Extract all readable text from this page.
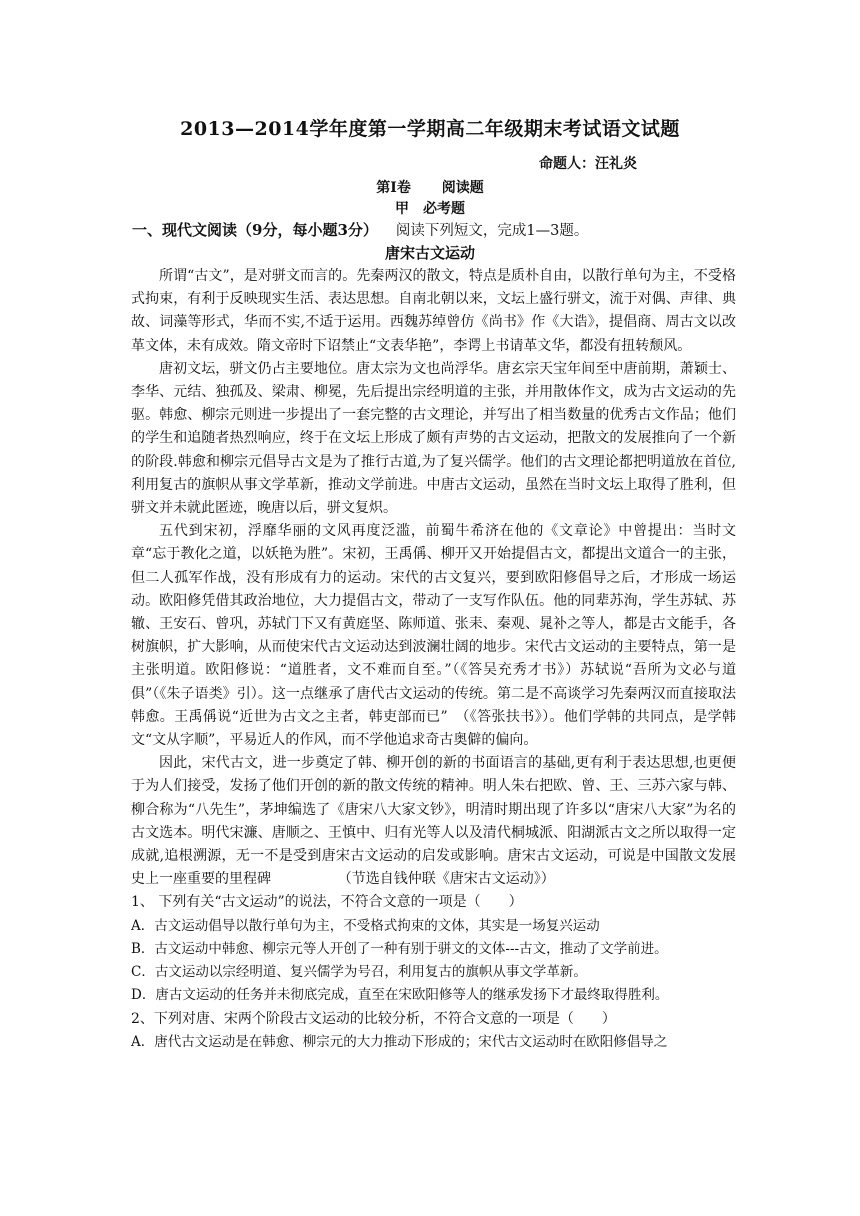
2013—2014学年度第一学期高二年级期末考试语文试题
命题人：汪礼炎
第Ⅰ卷　 阅读题
甲　必考题
一、现代文阅读（9分，每小题3分） 阅读下列短文，完成1—3题。
唐宋古文运动

所谓“古文”，是对骈文而言的。先秦两汉的散文，特点是质朴自由，以散行单句为主，不受格式拘束，有利于反映现实生活、表达思想。自南北朝以来，文坛上盛行骈文，流于对偶、声律、典故、词藻等形式，华而不实,不适于运用。西魏苏绰曾仿《尚书》作《大诰》，提倡商、周古文以改革文体，未有成效。隋文帝时下诏禁止“文表华艳”，李谔上书请革文华，都没有扭转颓风。

唐初文坛，骈文仍占主要地位。唐太宗为文也尚浮华。唐玄宗天宝年间至中唐前期，萧颖士、李华、元结、独孤及、梁肃、柳冕，先后提出宗经明道的主张，并用散体作文，成为古文运动的先驱。韩愈、柳宗元则进一步提出了一套完整的古文理论，并写出了相当数量的优秀古文作品；他们的学生和追随者热烈响应，终于在文坛上形成了颇有声势的古文运动，把散文的发展推向了一个新的阶段.韩愈和柳宗元倡导古文是为了推行古道,为了复兴儒学。他们的古文理论都把明道放在首位,利用复古的旗帜从事文学革新，推动文学前进。中唐古文运动，虽然在当时文坛上取得了胜利，但骈文并未就此匿迹，晚唐以后，骈文复炽。

五代到宋初，浮靡华丽的文风再度泛滥，前蜀牛希济在他的《文章论》中曾提出：当时文章“忘于教化之道，以妖艳为胜”。宋初，王禹偁、柳开又开始提倡古文，都提出文道合一的主张，但二人孤军作战，没有形成有力的运动。宋代的古文复兴，要到欧阳修倡导之后，才形成一场运动。欧阳修凭借其政治地位，大力提倡古文，带动了一支写作队伍。他的同辈苏洵，学生苏轼、苏辙、王安石、曾巩，苏轼门下又有黄庭坚、陈师道、张耒、秦观、晁补之等人，都是古文能手，各树旗帜，扩大影响，从而使宋代古文运动达到波澜壮阔的地步。宋代古文运动的主要特点，第一是主张明道。欧阳修说：“道胜者，文不难而自至。”（《答吴充秀才书》）苏轼说“吾所为文必与道俱”（《朱子语类》引）。这一点继承了唐代古文运动的传统。第二是不高谈学习先秦两汉而直接取法韩愈。王禹偁说“近世为古文之主者，韩吏部而已”　（《答张扶书》）。他们学韩的共同点，是学韩文“文从字顺”，平易近人的作风，而不学他追求奇古奥僻的偏向。

因此，宋代古文，进一步奠定了韩、柳开创的新的书面语言的基础,更有利于表达思想,也更便于为人们接受，发扬了他们开创的新的散文传统的精神。明人朱右把欧、曾、王、三苏六家与韩、柳合称为“八先生”，茅坤编选了《唐宋八大家文钞》，明清时期出现了许多以“唐宋八大家”为名的古文选本。明代宋濂、唐顺之、王慎中、归有光等人以及清代桐城派、阳湖派古文之所以取得一定成就,追根溯源，无一不是受到唐宋古文运动的启发或影响。唐宋古文运动，可说是中国散文发展史上一座重要的里程碑	（节选自钱仲联《唐宋古文运动》）

1、 下列有关“古文运动”的说法，不符合文意的一项是（　　）

A．古文运动倡导以散行单句为主，不受格式拘束的文体，其实是一场复兴运动

B．古文运动中韩愈、柳宗元等人开创了一种有别于骈文的文体---古文，推动了文学前进。

C．古文运动以宗经明道、复兴儒学为号召，利用复古的旗帜从事文学革新。

D．唐古文运动的任务并未彻底完成，直至在宋欧阳修等人的继承发扬下才最终取得胜利。

2、下列对唐、宋两个阶段古文运动的比较分析，不符合文意的一项是（　　）

A．唐代古文运动是在韩愈、柳宗元的大力推动下形成的；宋代古文运动时在欧阳修倡导之
